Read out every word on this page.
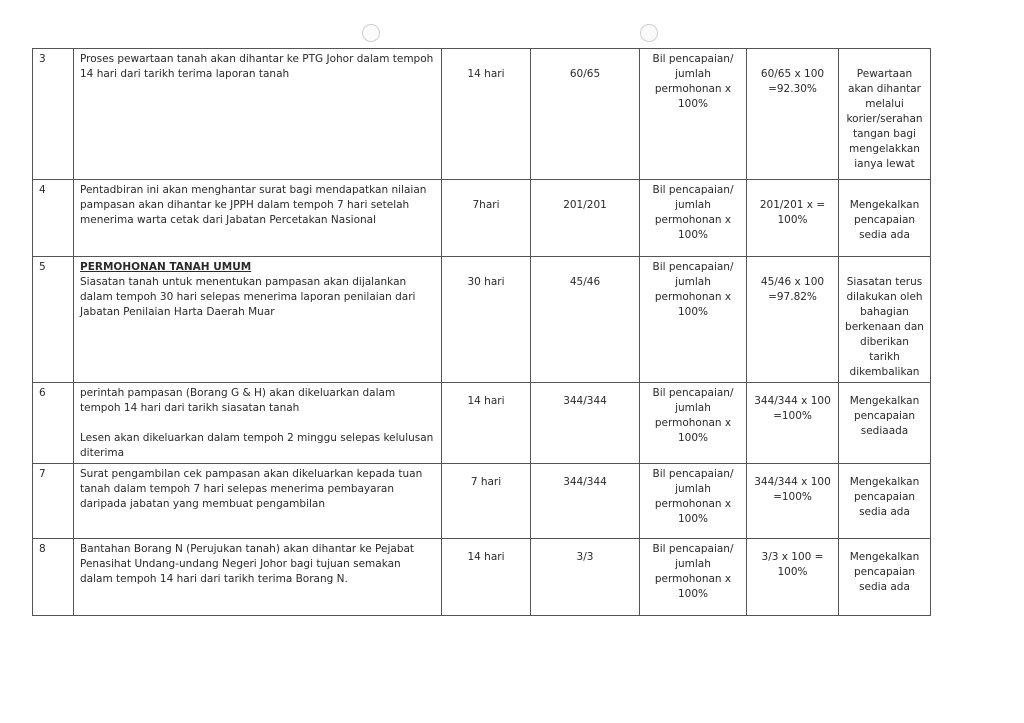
3	Proses pewartaan tanah akan dihantar ke PTG Johor dalam tempoh 14 hari dari tarikh terima laporan tanah	14 hari	60/65	Bil pencapaian/ jumlah permohonan x 100%	60/65 x 100 =92.30%	Pewartaan akan dihantar melalui korier/serahan tangan bagi mengelakkan ianya lewat
4	Pentadbiran ini akan menghantar surat bagi mendapatkan nilaian pampasan akan dihantar ke JPPH dalam tempoh 7 hari setelah menerima warta cetak dari Jabatan Percetakan Nasional	7hari	201/201	Bil pencapaian/ jumlah permohonan x 100%	201/201 x = 100%	Mengekalkan pencapaian sedia ada
5	PERMOHONAN TANAH UMUM
Siasatan tanah untuk menentukan pampasan akan dijalankan dalam tempoh 30 hari selepas menerima laporan penilaian dari Jabatan Penilaian Harta Daerah Muar	30 hari	45/46	Bil pencapaian/ jumlah permohonan x 100%	45/46 x 100 =97.82%	Siasatan terus dilakukan oleh bahagian berkenaan dan diberikan tarikh dikembalikan
6	perintah pampasan (Borang G & H) akan dikeluarkan dalam tempoh 14 hari dari tarikh siasatan tanah
Lesen akan dikeluarkan dalam tempoh 2 minggu selepas kelulusan diterima	14 hari	344/344	Bil pencapaian/ jumlah permohonan x 100%	344/344 x 100 =100%	Mengekalkan pencapaian sediaada
7	Surat pengambilan cek pampasan akan dikeluarkan kepada tuan tanah dalam tempoh 7 hari selepas menerima pembayaran daripada jabatan yang membuat pengambilan	7 hari	344/344	Bil pencapaian/ jumlah permohonan x 100%	344/344 x 100 =100%	Mengekalkan pencapaian sedia ada
8	Bantahan Borang N (Perujukan tanah) akan dihantar ke Pejabat Penasihat Undang-undang Negeri Johor bagi tujuan semakan dalam tempoh 14 hari dari tarikh terima Borang N.	14 hari	3/3	Bil pencapaian/ jumlah permohonan x 100%	3/3 x 100 = 100%	Mengekalkan pencapaian sedia ada
